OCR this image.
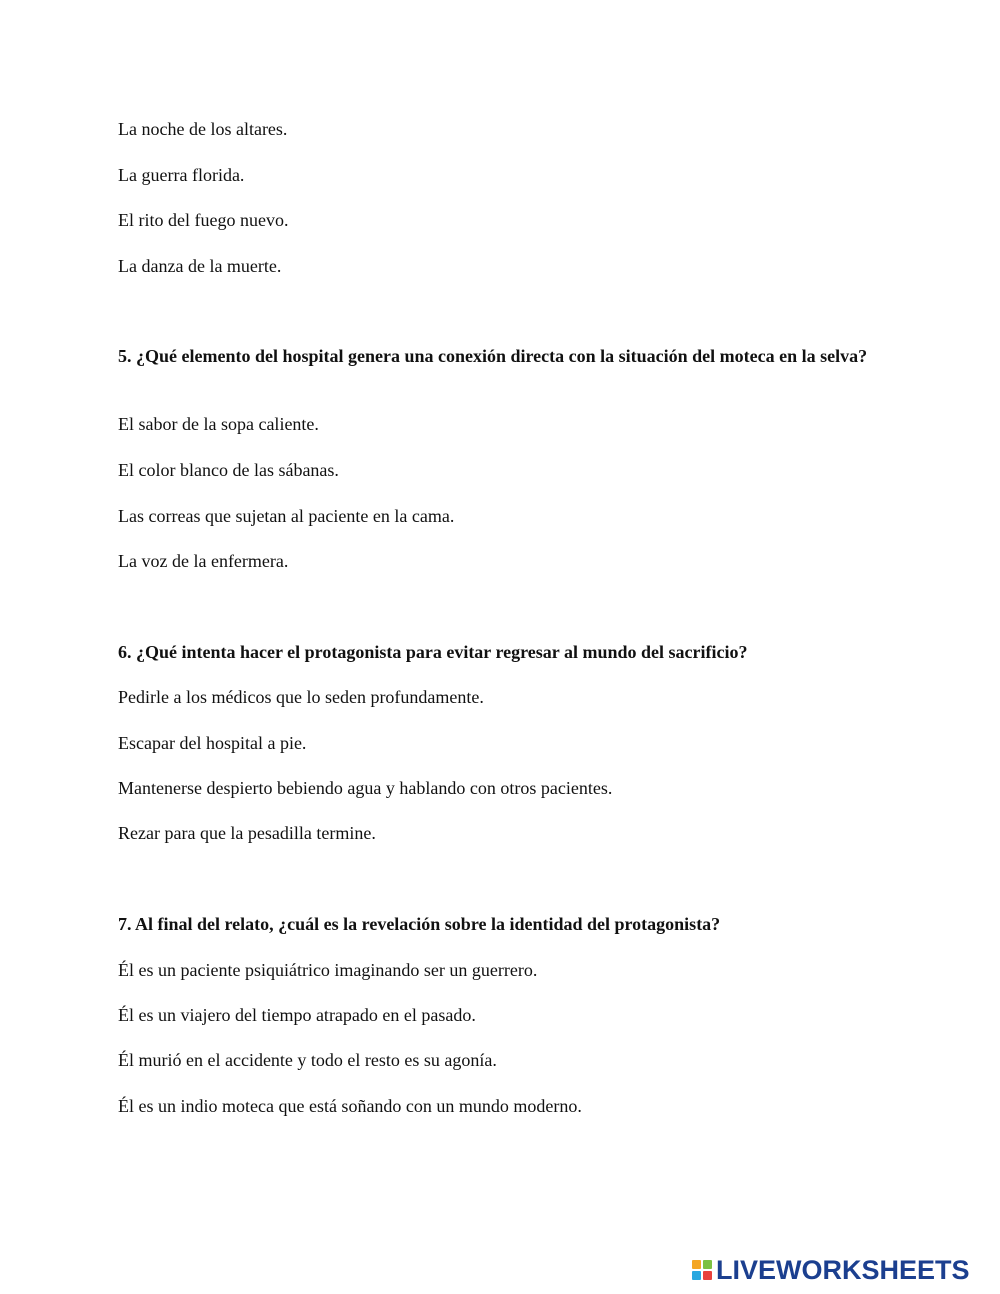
La noche de los altares.
La guerra florida.
El rito del fuego nuevo.
La danza de la muerte.
5. ¿Qué elemento del hospital genera una conexión directa con la situación del moteca en la selva?
El sabor de la sopa caliente.
El color blanco de las sábanas.
Las correas que sujetan al paciente en la cama.
La voz de la enfermera.
6. ¿Qué intenta hacer el protagonista para evitar regresar al mundo del sacrificio?
Pedirle a los médicos que lo seden profundamente.
Escapar del hospital a pie.
Mantenerse despierto bebiendo agua y hablando con otros pacientes.
Rezar para que la pesadilla termine.
7. Al final del relato, ¿cuál es la revelación sobre la identidad del protagonista?
Él es un paciente psiquiátrico imaginando ser un guerrero.
Él es un viajero del tiempo atrapado en el pasado.
Él murió en el accidente y todo el resto es su agonía.
Él es un indio moteca que está soñando con un mundo moderno.
LIVEWORKSHEETS
